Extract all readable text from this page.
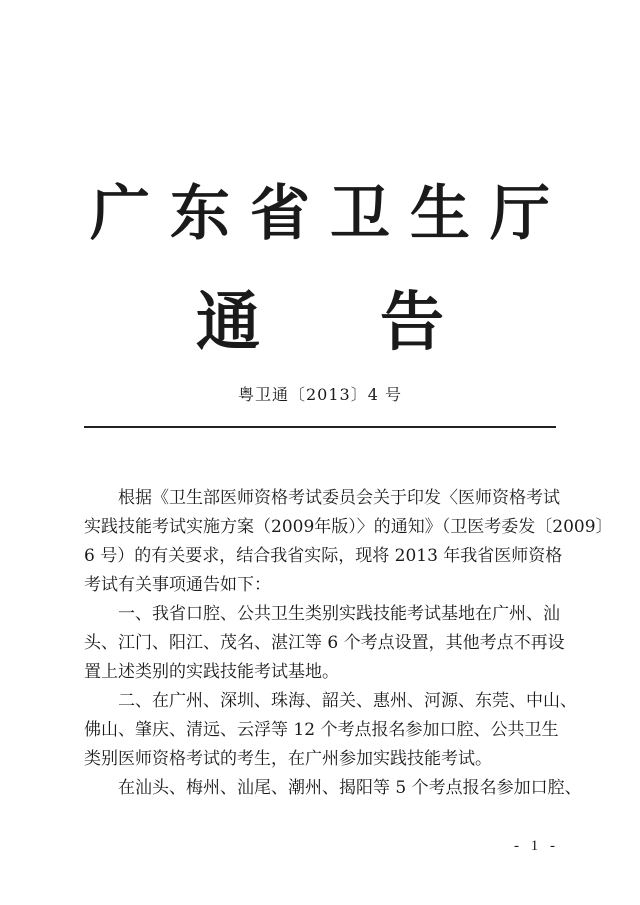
广东省卫生厅
通 告
粤卫通〔2013〕4 号
根据《卫生部医师资格考试委员会关于印发〈医师资格考试
实践技能考试实施方案（2009年版）〉的通知》（卫医考委发〔2009〕
6 号）的有关要求，结合我省实际，现将 2013 年我省医师资格
考试有关事项通告如下：
一、我省口腔、公共卫生类别实践技能考试基地在广州、汕
头、江门、阳江、茂名、湛江等 6 个考点设置，其他考点不再设
置上述类别的实践技能考试基地。
二、在广州、深圳、珠海、韶关、惠州、河源、东莞、中山、
佛山、肇庆、清远、云浮等 12 个考点报名参加口腔、公共卫生
类别医师资格考试的考生，在广州参加实践技能考试。
在汕头、梅州、汕尾、潮州、揭阳等 5 个考点报名参加口腔、
- 1 -
